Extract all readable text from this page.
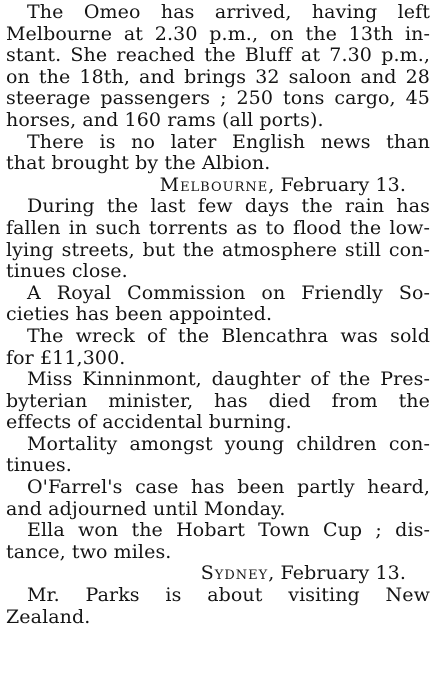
The Omeo has arrived, having left
Melbourne at 2.30 p.m., on the 13th in-
stant. She reached the Bluff at 7.30 p.m.,
on the 18th, and brings 32 saloon and 28
steerage passengers ; 250 tons cargo, 45
horses, and 160 rams (all ports).
There is no later English news than
that brought by the Albion.
Melbourne, February 13.
During the last few days the rain has
fallen in such torrents as to flood the low-
lying streets, but the atmosphere still con-
tinues close.
A Royal Commission on Friendly So-
cieties has been appointed.
The wreck of the Blencathra was sold
for £11,300.
Miss Kinninmont, daughter of the Pres-
byterian minister, has died from the
effects of accidental burning.
Mortality amongst young children con-
tinues.
O'Farrel's case has been partly heard,
and adjourned until Monday.
Ella won the Hobart Town Cup ; dis-
tance, two miles.
Sydney, February 13.
Mr. Parks is about visiting New
Zealand.
